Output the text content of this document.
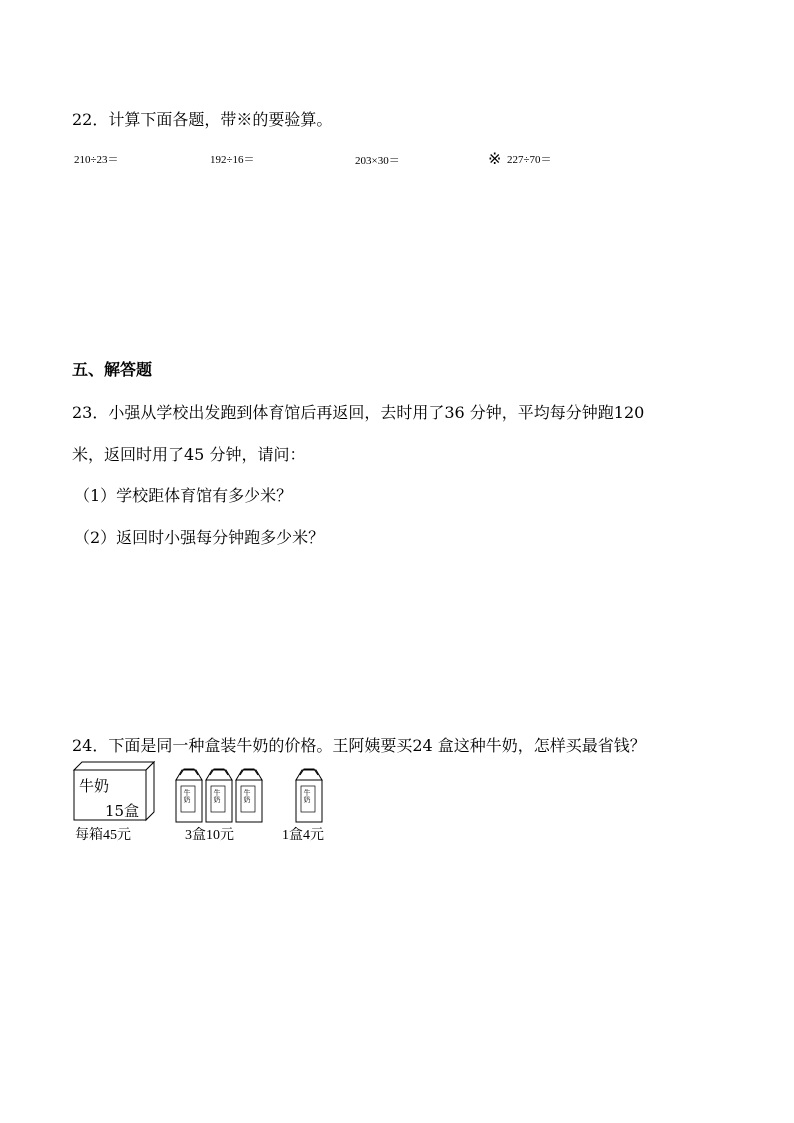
22．计算下面各题，带※的要验算。
210÷23＝	192÷16＝	203×30＝	※ 227÷70＝
五、解答题
23．小强从学校出发跑到体育馆后再返回，去时用了36 分钟，平均每分钟跑120
米，返回时用了45 分钟，请问：
（1）学校距体育馆有多少米？
（2）返回时小强每分钟跑多少米？
24．下面是同一种盒装牛奶的价格。王阿姨要买24 盒这种牛奶，怎样买最省钱？
牛奶
15盒
牛奶	牛奶	牛奶	牛奶
每箱45元	3盒10元	1盒4元
